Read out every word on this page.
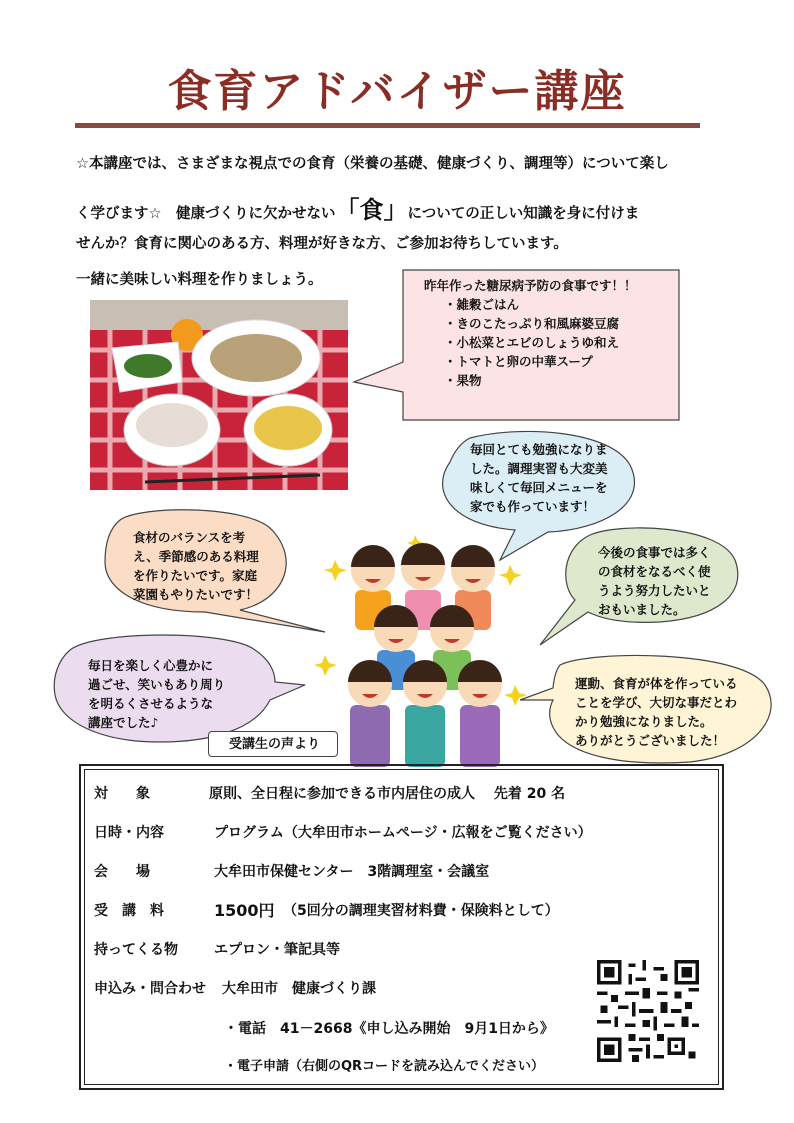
食育アドバイザー講座
☆本講座では、さまざまな視点での食育（栄養の基礎、健康づくり、調理等）について楽し
く学びます☆　健康づくりに欠かせない「食」についての正しい知識を身に付けま
せんか？食育に関心のある方、料理が好きな方、ご参加お待ちしています。
一緒に美味しい料理を作りましょう。	昨年作った糖尿病予防の食事です！！
・雑穀ごはん
・きのこたっぷり和風麻婆豆腐
・小松菜とエビのしょうゆ和え
・トマトと卵の中華スープ
・果物
毎回とても勉強になりま
した。調理実習も大変美
味しくて毎回メニューを
家でも作っています！
食材のバランスを考
え、季節感のある料理
を作りたいです。家庭
菜園もやりたいです！
今後の食事では多く
の食材をなるべく使
うよう努力したいと
おもいました。
毎日を楽しく心豊かに
過ごせ、笑いもあり周り
を明るくさせるような
講座でした♪
運動、食育が体を作っている
ことを学び、大切な事だとわ
かり勉強になりました。
ありがとうございました！
受講生の声より
対　　象	原則、全日程に参加できる市内居住の成人　 先着 20 名
日時・内容	プログラム（大牟田市ホームページ・広報をご覧ください）
会　　場	大牟田市保健センター　3階調理室・会議室
受　講　料	1500円 （5回分の調理実習材料費・保険料として）
持ってくる物	エプロン・筆記具等
申込み・問合わせ 大牟田市　健康づくり課
・電話　41－2668《申し込み開始　9月1日から》
・電子申請（右側のQRコードを読み込んでください）
